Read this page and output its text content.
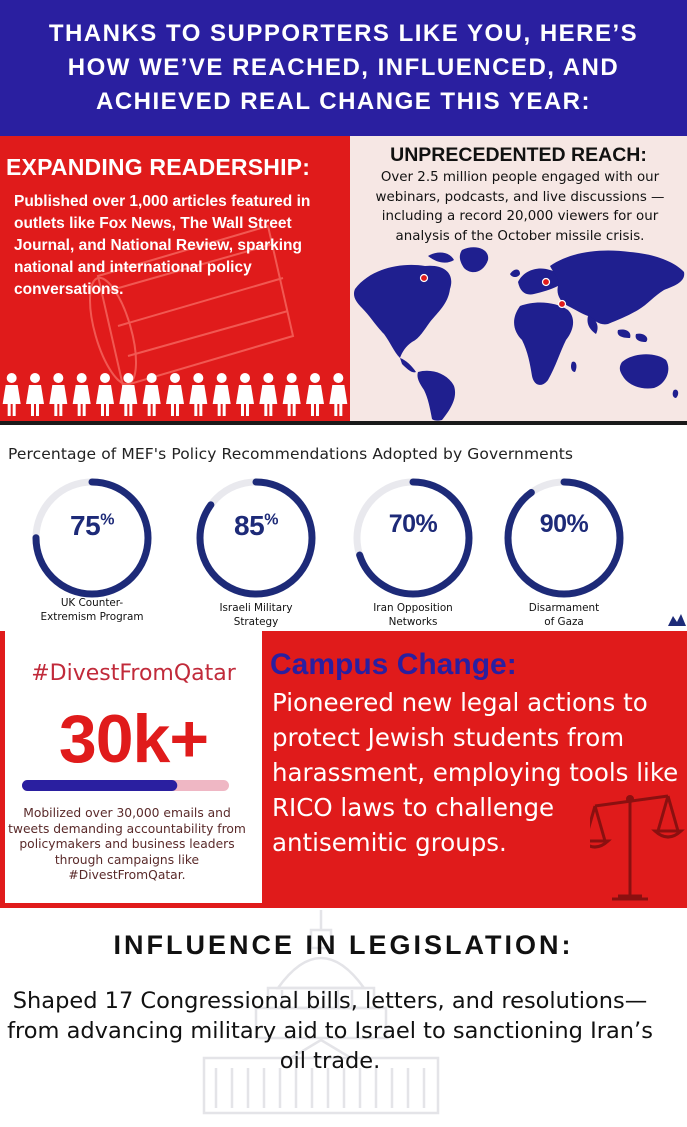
THANKS TO SUPPORTERS LIKE YOU, HERE’S HOW WE’VE REACHED, INFLUENCED, AND ACHIEVED REAL CHANGE THIS YEAR:
EXPANDING READERSHIP:
Published over 1,000 articles featured in outlets like Fox News, The Wall Street Journal, and National Review, sparking national and international policy conversations.
UNPRECEDENTED REACH:
Over 2.5 million people engaged with our webinars, podcasts, and live discussions —including a record 20,000 viewers for our analysis of the October missile crisis.
Percentage of MEF's Policy Recommendations Adopted by Governments
75%
UK Counter-
Extremism Program
85%
Israeli Military
Strategy
70%
Iran Opposition
Networks
90%
Disarmament
of Gaza
#DivestFromQatar
30k+
Mobilized over 30,000 emails and tweets demanding accountability from policymakers and business leaders through campaigns like #DivestFromQatar.
Campus Change:
Pioneered new legal actions to protect Jewish students from harassment, employing tools like RICO laws to challenge antisemitic groups.
INFLUENCE IN LEGISLATION:
Shaped 17 Congressional bills, letters, and resolutions—from advancing military aid to Israel to sanctioning Iran’s oil trade.
